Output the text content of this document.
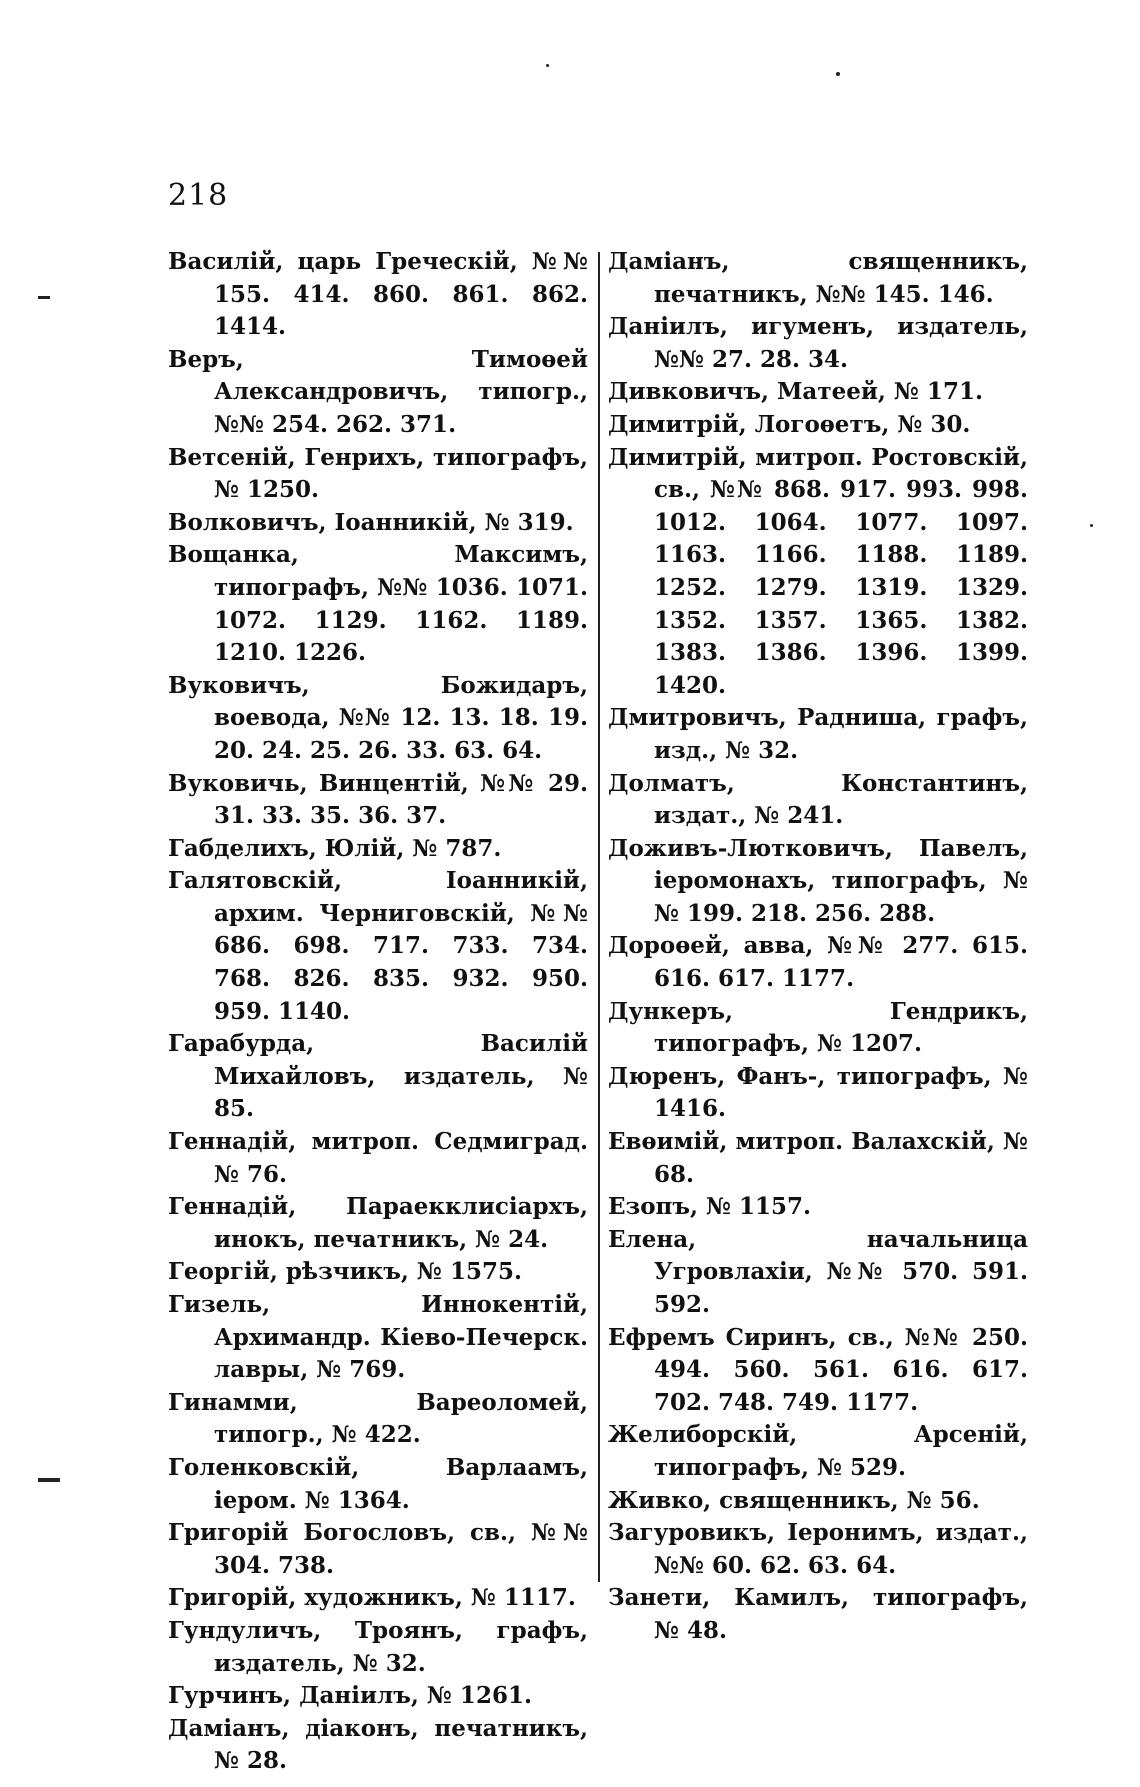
218
Василій, царь Греческій, №№ 155. 414. 860. 861. 862. 1414.
Веръ, Тимоѳей Александровичъ, типогр., №№ 254. 262. 371.
Ветсеній, Генрихъ, типографъ, № 1250.
Волковичъ, Іоанникій, № 319.
Вощанка, Максимъ, типографъ, №№ 1036. 1071. 1072. 1129. 1162. 1189. 1210. 1226.
Вуковичъ, Божидаръ, воевода, №№ 12. 13. 18. 19. 20. 24. 25. 26. 33. 63. 64.
Вуковичь, Винцентій, №№ 29. 31. 33. 35. 36. 37.
Габделихъ, Юлій, № 787.
Галятовскій, Іоанникій, архим. Черниговскій, №№ 686. 698. 717. 733. 734. 768. 826. 835. 932. 950. 959. 1140.
Гарабурда, Василій Михайловъ, издатель, № 85.
Геннадій, митроп. Седмиград. № 76.
Геннадій, Параекклисіархъ, инокъ, печатникъ, № 24.
Георгій, рѣзчикъ, № 1575.
Гизель, Иннокентій, Архимандр. Кіево-Печерск. лавры, № 769.
Гинамми, Вареоломей, типогр., № 422.
Голенковскій, Варлаамъ, іером. № 1364.
Григорій Богословъ, св., №№ 304. 738.
Григорій, художникъ, № 1117.
Гундуличъ, Троянъ, графъ, издатель, № 32.
Гурчинъ, Даніилъ, № 1261.
Даміанъ, діаконъ, печатникъ, № 28.
Даміанъ, священникъ, печатникъ, №№ 145. 146.
Даніилъ, игуменъ, издатель, №№ 27. 28. 34.
Дивковичъ, Матеей, № 171.
Димитрій, Логоѳетъ, № 30.
Димитрій, митроп. Ростовскій, св., №№ 868. 917. 993. 998. 1012. 1064. 1077. 1097. 1163. 1166. 1188. 1189. 1252. 1279. 1319. 1329. 1352. 1357. 1365. 1382. 1383. 1386. 1396. 1399. 1420.
Дмитровичъ, Раднишa, графъ, изд., № 32.
Долматъ, Константинъ, издат., № 241.
Доживъ-Лютковичъ, Павелъ, іеромонахъ, типографъ, №№ 199. 218. 256. 288.
Дороѳей, авва, №№ 277. 615. 616. 617. 1177.
Дункеръ, Гендрикъ, типографъ, № 1207.
Дюренъ, Фанъ-, типографъ, № 1416.
Евѳимій, митроп. Валахскій, № 68.
Езопъ, № 1157.
Елена, начальница Угровлахіи, №№ 570. 591. 592.
Ефремъ Сиринъ, св., №№ 250. 494. 560. 561. 616. 617. 702. 748. 749. 1177.
Желиборскій, Арсеній, типографъ, № 529.
Живко, священникъ, № 56.
Загуровикъ, Іеронимъ, издат., №№ 60. 62. 63. 64.
Занети, Камилъ, типографъ, № 48.
